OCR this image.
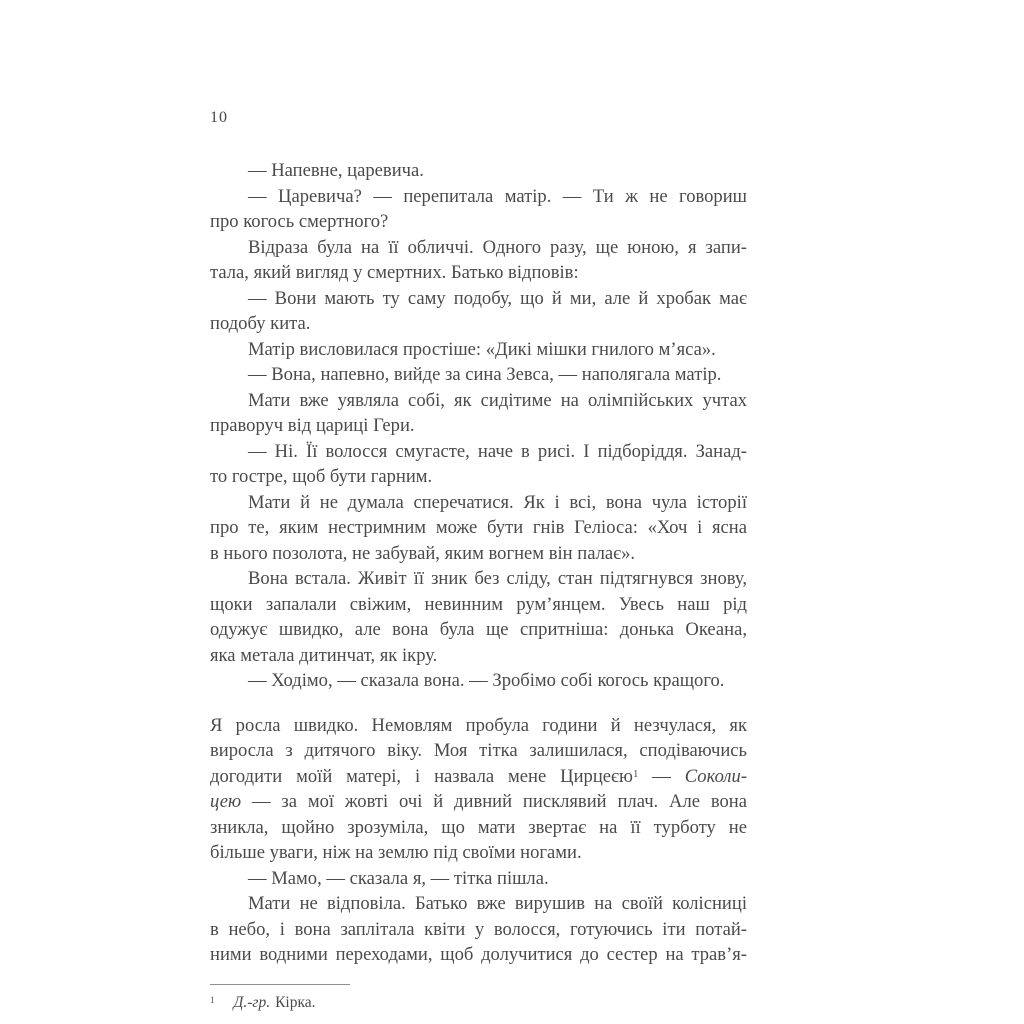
10
— Напевне, царевича.
— Царевича? — перепитала матір. — Ти ж не говориш
про когось смертного?
Відраза була на її обличчі. Одного разу, ще юною, я запи-
тала, який вигляд у смертних. Батько відповів:
— Вони мають ту саму подобу, що й ми, але й хробак має
подобу кита.
Матір висловилася простіше: «Дикі мішки гнилого м’яса».
— Вона, напевно, вийде за сина Зевса, — наполягала матір.
Мати вже уявляла собі, як сидітиме на олімпійських учтах
праворуч від цариці Гери.
— Ні. Її волосся смугасте, наче в рисі. І підборіддя. Занад-
то гостре, щоб бути гарним.
Мати й не думала сперечатися. Як і всі, вона чула історії
про те, яким нестримним може бути гнів Геліоса: «Хоч і ясна
в нього позолота, не забувай, яким вогнем він палає».
Вона встала. Живіт її зник без сліду, стан підтягнувся знову,
щоки запалали свіжим, невинним рум’янцем. Увесь наш рід
одужує швидко, але вона була ще спритніша: донька Океана,
яка метала дитинчат, як ікру.
— Ходімо, — сказала вона. — Зробімо собі когось кращого.
Я росла швидко. Немовлям пробула години й незчулася, як
виросла з дитячого віку. Моя тітка залишилася, сподіваючись
догодити моїй матері, і назвала мене Цирцеєю$^1$ — Соколи-
цею — за мої жовті очі й дивний писклявий плач. Але вона
зникла, щойно зрозуміла, що мати звертає на її турботу не
більше уваги, ніж на землю під своїми ногами.
— Мамо, — сказала я, — тітка пішла.
Мати не відповіла. Батько вже вирушив на своїй колісниці
в небо, і вона заплітала квіти у волосся, готуючись іти потай-
ними водними переходами, щоб долучитися до сестер на трав’я-
$^1$ Д.-гр. Кірка.
